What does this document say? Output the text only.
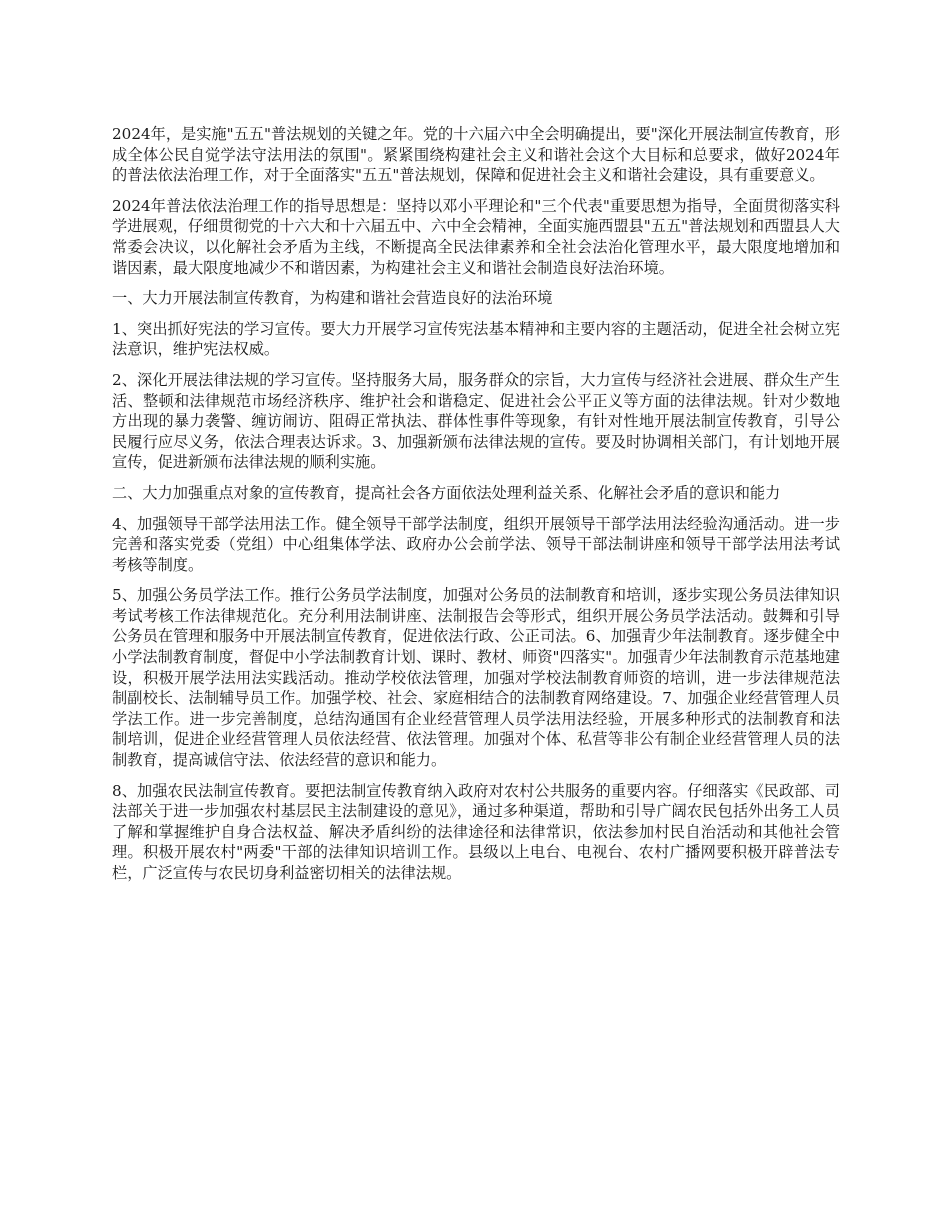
2024年，是实施"五五"普法规划的关键之年。党的十六届六中全会明确提出，要"深化开展法制宣传教育，形成全体公民自觉学法守法用法的氛围"。紧紧围绕构建社会主义和谐社会这个大目标和总要求，做好2024年的普法依法治理工作，对于全面落实"五五"普法规划，保障和促进社会主义和谐社会建设，具有重要意义。

2024年普法依法治理工作的指导思想是：坚持以邓小平理论和"三个代表"重要思想为指导，全面贯彻落实科学进展观，仔细贯彻党的十六大和十六届五中、六中全会精神，全面实施西盟县"五五"普法规划和西盟县人大常委会决议，以化解社会矛盾为主线，不断提高全民法律素养和全社会法治化管理水平，最大限度地增加和谐因素，最大限度地减少不和谐因素，为构建社会主义和谐社会制造良好法治环境。

一、大力开展法制宣传教育，为构建和谐社会营造良好的法治环境

1、突出抓好宪法的学习宣传。要大力开展学习宣传宪法基本精神和主要内容的主题活动，促进全社会树立宪法意识，维护宪法权威。

2、深化开展法律法规的学习宣传。坚持服务大局，服务群众的宗旨，大力宣传与经济社会进展、群众生产生活、整顿和法律规范市场经济秩序、维护社会和谐稳定、促进社会公平正义等方面的法律法规。针对少数地方出现的暴力袭警、缠访闹访、阻碍正常执法、群体性事件等现象，有针对性地开展法制宣传教育，引导公民履行应尽义务，依法合理表达诉求。3、加强新颁布法律法规的宣传。要及时协调相关部门，有计划地开展宣传，促进新颁布法律法规的顺利实施。

二、大力加强重点对象的宣传教育，提高社会各方面依法处理利益关系、化解社会矛盾的意识和能力

4、加强领导干部学法用法工作。健全领导干部学法制度，组织开展领导干部学法用法经验沟通活动。进一步完善和落实党委（党组）中心组集体学法、政府办公会前学法、领导干部法制讲座和领导干部学法用法考试考核等制度。

5、加强公务员学法工作。推行公务员学法制度，加强对公务员的法制教育和培训，逐步实现公务员法律知识考试考核工作法律规范化。充分利用法制讲座、法制报告会等形式，组织开展公务员学法活动。鼓舞和引导公务员在管理和服务中开展法制宣传教育，促进依法行政、公正司法。6、加强青少年法制教育。逐步健全中小学法制教育制度，督促中小学法制教育计划、课时、教材、师资"四落实"。加强青少年法制教育示范基地建设，积极开展学法用法实践活动。推动学校依法管理，加强对学校法制教育师资的培训，进一步法律规范法制副校长、法制辅导员工作。加强学校、社会、家庭相结合的法制教育网络建设。7、加强企业经营管理人员学法工作。进一步完善制度，总结沟通国有企业经营管理人员学法用法经验，开展多种形式的法制教育和法制培训，促进企业经营管理人员依法经营、依法管理。加强对个体、私营等非公有制企业经营管理人员的法制教育，提高诚信守法、依法经营的意识和能力。

8、加强农民法制宣传教育。要把法制宣传教育纳入政府对农村公共服务的重要内容。仔细落实《民政部、司法部关于进一步加强农村基层民主法制建设的意见》，通过多种渠道，帮助和引导广阔农民包括外出务工人员了解和掌握维护自身合法权益、解决矛盾纠纷的法律途径和法律常识，依法参加村民自治活动和其他社会管理。积极开展农村"两委"干部的法律知识培训工作。县级以上电台、电视台、农村广播网要积极开辟普法专栏，广泛宣传与农民切身利益密切相关的法律法规。
